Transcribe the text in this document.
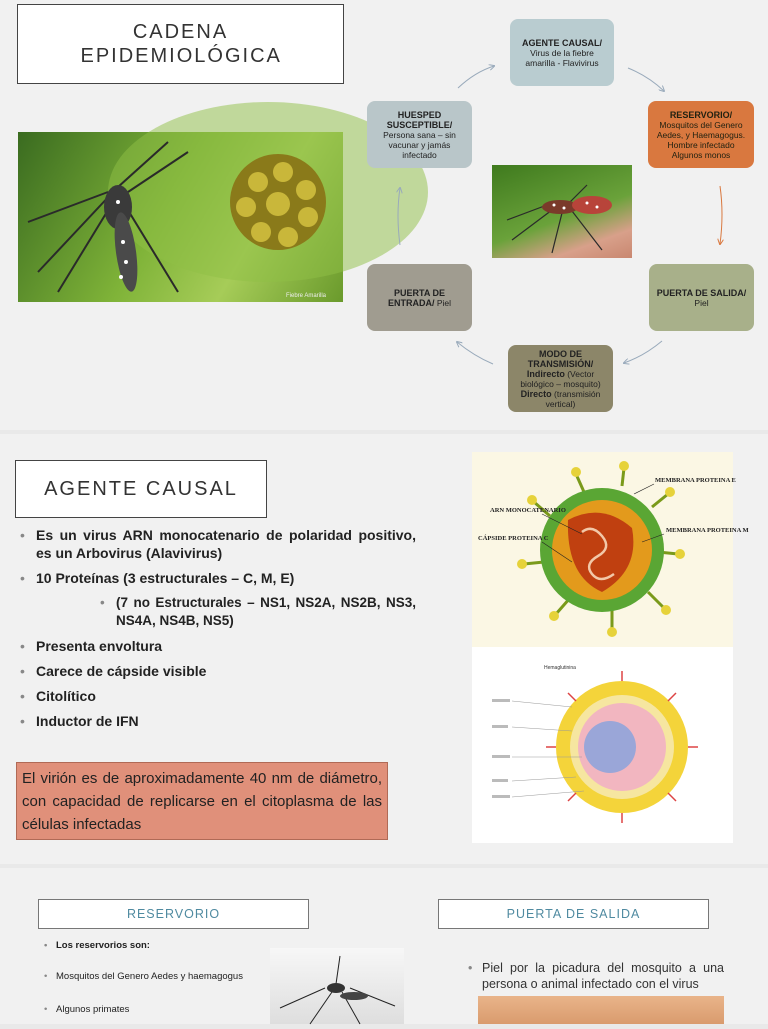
CADENA EPIDEMIOLÓGICA
Fiebre Amarilla
AGENTE CAUSAL/
Virus de la fiebre amarilla - Flavivirus
RESERVORIO/
Mosquitos del Genero Aedes, y Haemagogus.
Hombre infectado
Algunos monos
PUERTA DE SALIDA/ Piel
MODO DE TRANSMISIÓN/
Indirecto (Vector biológico – mosquito)
Directo (transmisión vertical)
PUERTA DE ENTRADA/ Piel
HUESPED SUSCEPTIBLE/
Persona sana – sin vacunar y jamás infectado
AGENTE CAUSAL
• Es un virus ARN monocatenario de polaridad positivo, es un Arbovirus (Alavivirus)
• 10 Proteínas (3 estructurales – C, M, E)
• (7 no Estructurales – NS1, NS2A, NS2B, NS3, NS4A, NS4B, NS5)
• Presenta envoltura
• Carece de cápside visible
• Citolítico
• Inductor de IFN
El virión es de aproximadamente 40 nm de diámetro, con capacidad de replicarse en el citoplasma de las células infectadas
MEMBRANA PROTEINA E
ARN MONOCATENARIO
CÁPSIDE PROTEINA C
MEMBRANA PROTEINA M
Hemaglutinina
RESERVORIO	PUERTA DE SALIDA
• Los reservorios son:
• Mosquitos del Genero Aedes y haemagogus
• Algunos primates
• Piel por la picadura del mosquito a una persona o animal infectado con el virus
